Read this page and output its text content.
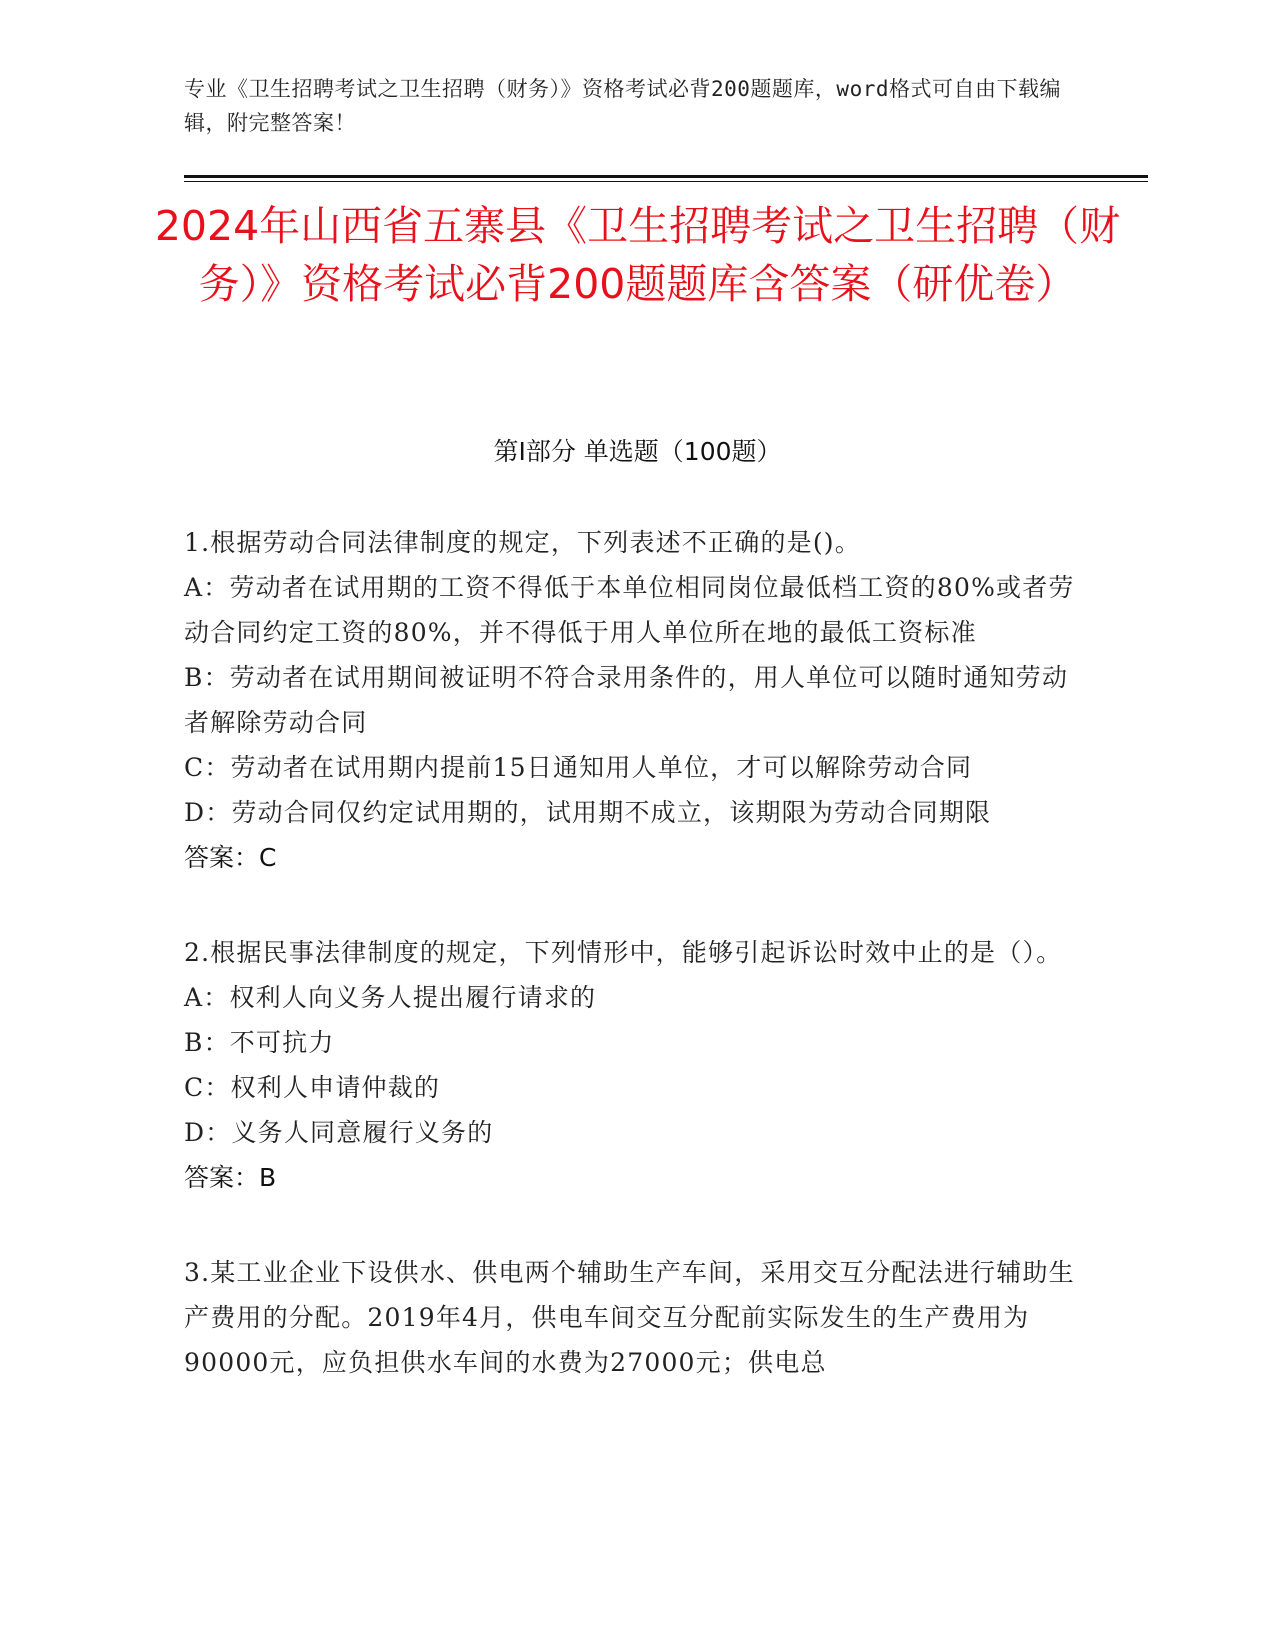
专业《卫生招聘考试之卫生招聘（财务）》资格考试必背200题题库，word格式可自由下载编辑，附完整答案！
2024年山西省五寨县《卫生招聘考试之卫生招聘（财务）》资格考试必背200题题库含答案（研优卷）
第I部分 单选题（100题）

1.根据劳动合同法律制度的规定，下列表述不正确的是()。

A：劳动者在试用期的工资不得低于本单位相同岗位最低档工资的80%或者劳动合同约定工资的80%，并不得低于用人单位所在地的最低工资标准

B：劳动者在试用期间被证明不符合录用条件的，用人单位可以随时通知劳动者解除劳动合同

C：劳动者在试用期内提前15日通知用人单位，才可以解除劳动合同

D：劳动合同仅约定试用期的，试用期不成立，该期限为劳动合同期限

答案：C

2.根据民事法律制度的规定，下列情形中，能够引起诉讼时效中止的是（）。

A：权利人向义务人提出履行请求的

B：不可抗力

C：权利人申请仲裁的

D：义务人同意履行义务的

答案：B

3.某工业企业下设供水、供电两个辅助生产车间，采用交互分配法进行辅助生产费用的分配。2019年4月，供电车间交互分配前实际发生的生产费用为90000元，应负担供水车间的水费为27000元；供电总
